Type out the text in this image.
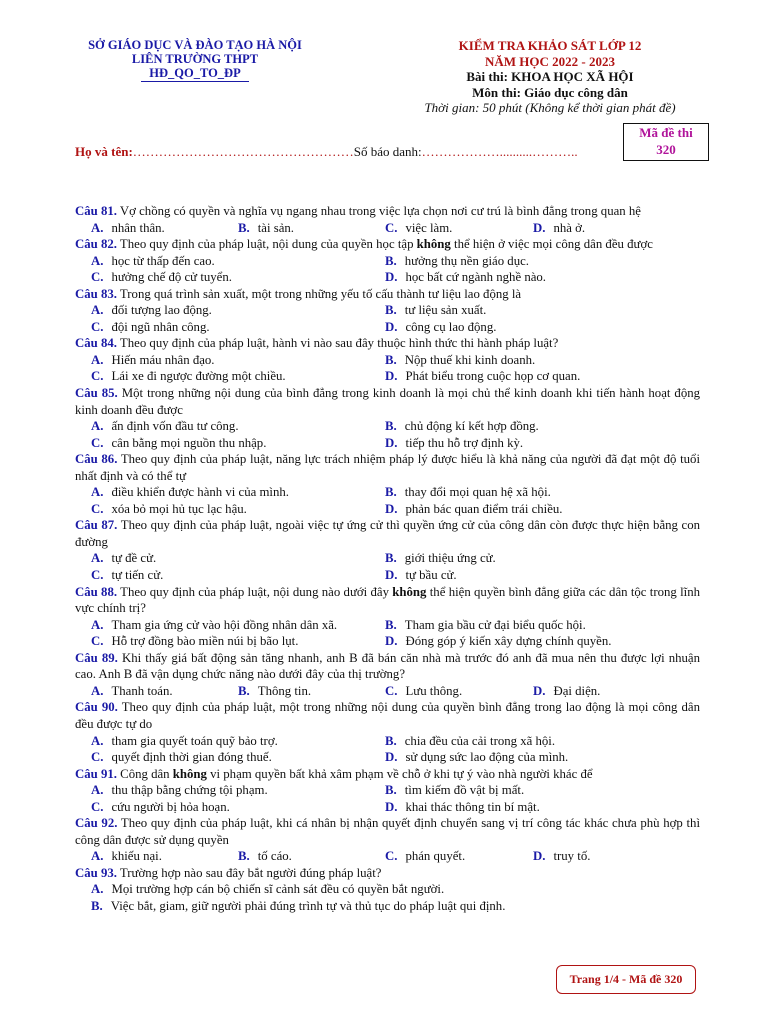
SỞ GIÁO DỤC VÀ ĐÀO TẠO HÀ NỘI
LIÊN TRƯỜNG THPT
HĐ_QO_TO_ĐP
KIỂM TRA KHẢO SÁT LỚP 12
NĂM HỌC 2022 - 2023
Bài thi: KHOA HỌC XÃ HỘI
Môn thi: Giáo dục công dân
Thời gian: 50 phút (Không kể thời gian phát đề)
Mã đề thi
320
Họ và tên:……………………………………………Số báo danh:………………..........………..
Câu 81. Vợ chồng có quyền và nghĩa vụ ngang nhau trong việc lựa chọn nơi cư trú là bình đẳng trong quan hệ
A. nhân thân.	B. tài sản.	C. việc làm.	D. nhà ở.
Câu 82. Theo quy định của pháp luật, nội dung của quyền học tập không thể hiện ở việc mọi công dân đều được
A. học từ thấp đến cao.	B. hưởng thụ nền giáo dục.
C. hưởng chế độ cử tuyển.	D. học bất cứ ngành nghề nào.
Câu 83. Trong quá trình sản xuất, một trong những yếu tố cấu thành tư liệu lao động là
A. đối tượng lao động.	B. tư liệu sản xuất.
C. đội ngũ nhân công.	D. công cụ lao động.
Câu 84. Theo quy định của pháp luật, hành vi nào sau đây thuộc hình thức thi hành pháp luật?
A. Hiến máu nhân đạo.	B. Nộp thuế khi kinh doanh.
C. Lái xe đi ngược đường một chiều.	D. Phát biểu trong cuộc họp cơ quan.
Câu 85. Một trong những nội dung của bình đẳng trong kinh doanh là mọi chủ thể kinh doanh khi tiến hành hoạt động kinh doanh đều được
A. ấn định vốn đầu tư công.	B. chủ động kí kết hợp đồng.
C. cân bằng mọi nguồn thu nhập.	D. tiếp thu hỗ trợ định kỳ.
Câu 86. Theo quy định của pháp luật, năng lực trách nhiệm pháp lý được hiểu là khả năng của người đã đạt một độ tuổi nhất định và có thể tự
A. điều khiển được hành vi của mình.	B. thay đổi mọi quan hệ xã hội.
C. xóa bỏ mọi hủ tục lạc hậu.	D. phản bác quan điểm trái chiều.
Câu 87. Theo quy định của pháp luật, ngoài việc tự ứng cử thì quyền ứng cử của công dân còn được thực hiện bằng con đường
A. tự đề cử.	B. giới thiệu ứng cử.
C. tự tiến cử.	D. tự bầu cử.
Câu 88. Theo quy định của pháp luật, nội dung nào dưới đây không thể hiện quyền bình đẳng giữa các dân tộc trong lĩnh vực chính trị?
A. Tham gia ứng cử vào hội đồng nhân dân xã.	B. Tham gia bầu cử đại biểu quốc hội.
C. Hỗ trợ đồng bào miền núi bị bão lụt.	D. Đóng góp ý kiến xây dựng chính quyền.
Câu 89. Khi thấy giá bất động sản tăng nhanh, anh B đã bán căn nhà mà trước đó anh đã mua nên thu được lợi nhuận cao. Anh B đã vận dụng chức năng nào dưới đây của thị trường?
A. Thanh toán.	B. Thông tin.	C. Lưu thông.	D. Đại diện.
Câu 90. Theo quy định của pháp luật, một trong những nội dung của quyền bình đẳng trong lao động là mọi công dân đều được tự do
A. tham gia quyết toán quỹ bảo trợ.	B. chia đều của cải trong xã hội.
C. quyết định thời gian đóng thuế.	D. sử dụng sức lao động của mình.
Câu 91. Công dân không vi phạm quyền bất khả xâm phạm về chỗ ở khi tự ý vào nhà người khác để
A. thu thập bằng chứng tội phạm.	B. tìm kiếm đồ vật bị mất.
C. cứu người bị hỏa hoạn.	D. khai thác thông tin bí mật.
Câu 92. Theo quy định của pháp luật, khi cá nhân bị nhận quyết định chuyển sang vị trí công tác khác chưa phù hợp thì công dân được sử dụng quyền
A. khiếu nại.	B. tố cáo.	C. phán quyết.	D. truy tố.
Câu 93. Trường hợp nào sau đây bắt người đúng pháp luật?
A. Mọi trường hợp cán bộ chiến sĩ cảnh sát đều có quyền bắt người.
B. Việc bắt, giam, giữ người phải đúng trình tự và thủ tục do pháp luật qui định.
Trang 1/4 - Mã đề 320
